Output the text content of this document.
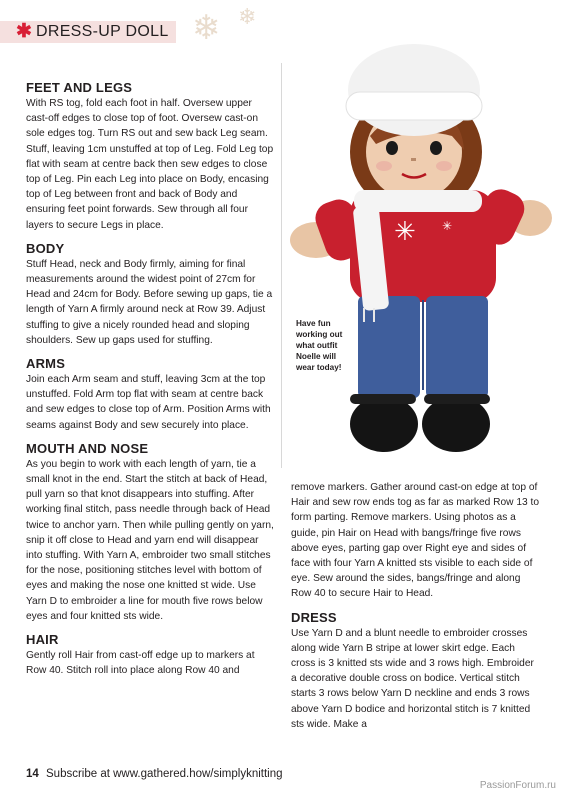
✱ DRESS-UP DOLL ❄ ❄
FEET AND LEGS

With RS tog, fold each foot in half. Oversew upper cast-off edges to close top of foot. Oversew cast-on sole edges tog. Turn RS out and sew back Leg seam. Stuff, leaving 1cm unstuffed at top of Leg. Fold Leg top flat with seam at centre back then sew edges to close top of Leg. Pin each Leg into place on Body, encasing top of Leg between front and back of Body and ensuring feet point forwards. Sew through all four layers to secure Legs in place.

BODY

Stuff Head, neck and Body firmly, aiming for final measurements around the widest point of 27cm for Head and 24cm for Body. Before sewing up gaps, tie a length of Yarn A firmly around neck at Row 39. Adjust stuffing to give a nicely rounded head and sloping shoulders. Sew up gaps used for stuffing.

ARMS

Join each Arm seam and stuff, leaving 3cm at the top unstuffed. Fold Arm top flat with seam at centre back and sew edges to close top of Arm. Position Arms with seams against Body and sew securely into place.

MOUTH AND NOSE

As you begin to work with each length of yarn, tie a small knot in the end. Start the stitch at back of Head, pull yarn so that knot disappears into stuffing. After working final stitch, pass needle through back of Head twice to anchor yarn. Then while pulling gently on yarn, snip it off close to Head and yarn end will disappear into stuffing. With Yarn A, embroider two small stitches for the nose, positioning stitches level with bottom of eyes and making the nose one knitted st wide. Use Yarn D to embroider a line for mouth five rows below eyes and four knitted sts wide.

HAIR

Gently roll Hair from cast-off edge up to markers at Row 40. Stitch roll into place along Row 40 and

✳ ✳
Have fun working out what outfit Noelle will wear today!

remove markers. Gather around cast-on edge at top of Hair and sew row ends tog as far as marked Row 13 to form parting. Remove markers. Using photos as a guide, pin Hair on Head with bangs/fringe five rows above eyes, parting gap over Right eye and sides of face with four Yarn A knitted sts visible to each side of eye. Sew around the sides, bangs/fringe and along Row 40 to secure Hair to Head.

DRESS

Use Yarn D and a blunt needle to embroider crosses along wide Yarn B stripe at lower skirt edge. Each cross is 3 knitted sts wide and 3 rows high. Embroider a decorative double cross on bodice. Vertical stitch starts 3 rows below Yarn D neckline and ends 3 rows above Yarn D bodice and horizontal stitch is 7 knitted sts wide. Make a

14 Subscribe at www.gathered.how/simplyknitting
PassionForum.ru
